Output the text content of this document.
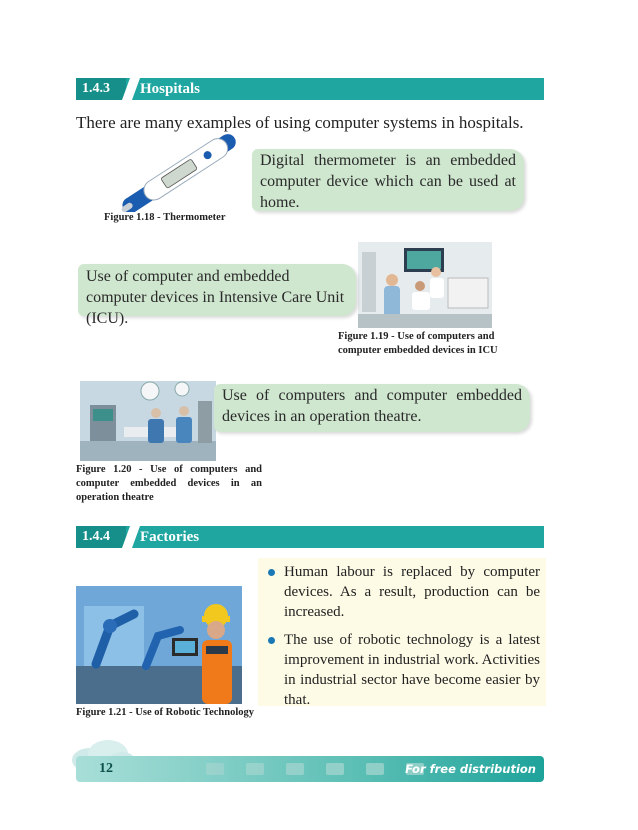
1.4.3	Hospitals
There are many examples of using computer systems in hospitals.
Digital thermometer is an embedded computer device which can be used at home.
Figure 1.18 - Thermometer
Use of computer and embedded computer devices in Intensive Care Unit (ICU).
Figure 1.19 - Use of computers and computer embedded devices in ICU
Use of computers and computer embedded devices in an operation theatre.
Figure 1.20 - Use of computers and computer embedded devices in an operation theatre
1.4.4	Factories
Human labour is replaced by computer devices. As a result, production can be increased.
The use of robotic technology is a latest improvement in industrial work. Activities in industrial sector have become easier by that.
Figure 1.21 - Use of Robotic Technology
12	For free distribution
